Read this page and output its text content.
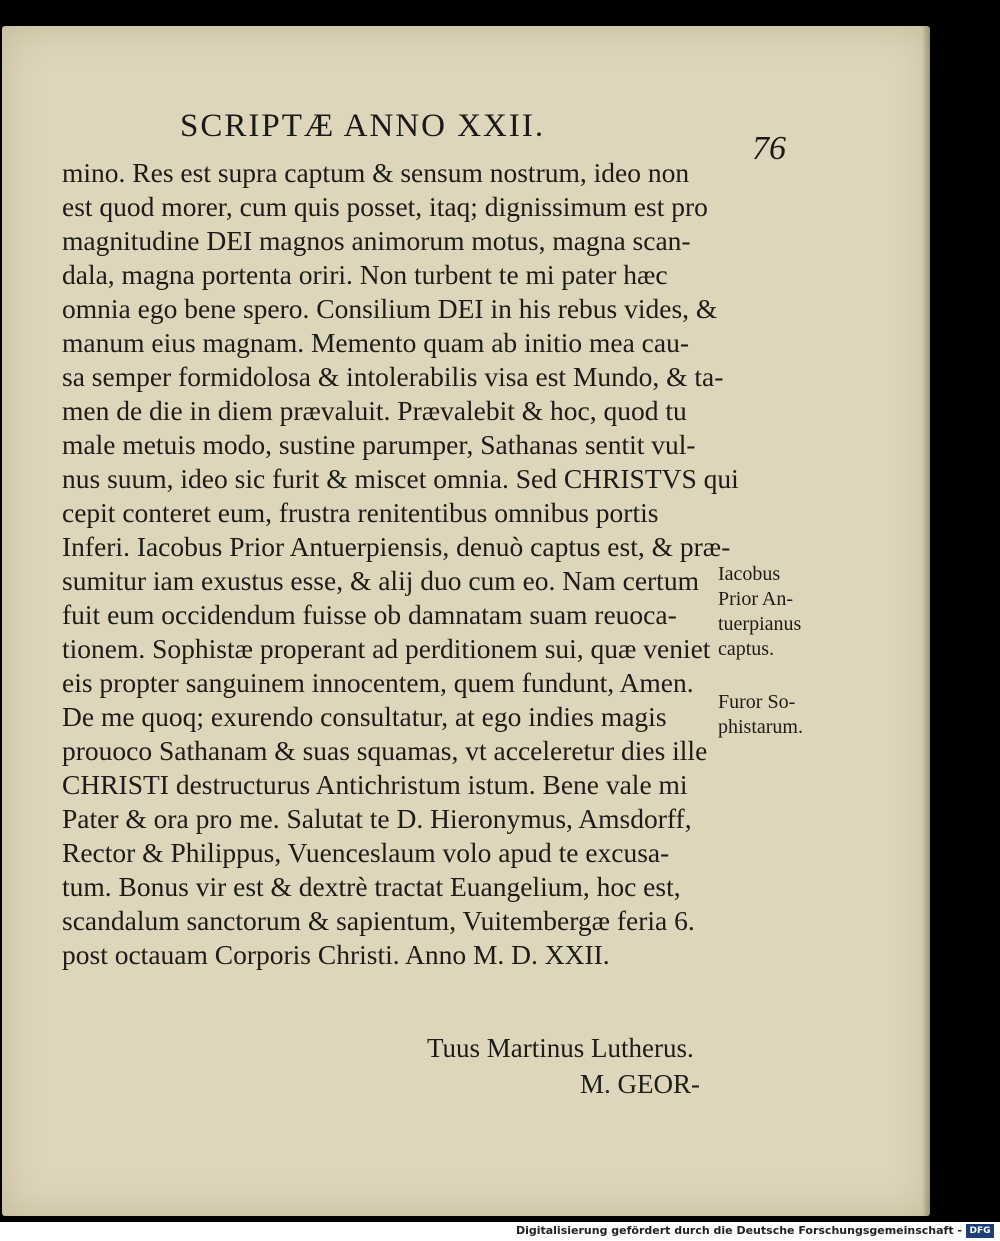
SCRIPTÆ ANNO XXII.
76
mino. Res est supra captum & sensum nostrum, ideo non
est quod morer, cum quis posset, itaq; dignissimum est pro
magnitudine DEI magnos animorum motus, magna scan-
dala, magna portenta oriri. Non turbent te mi pater hæc
omnia ego bene spero. Consilium DEI in his rebus vides, &
manum eius magnam. Memento quam ab initio mea cau-
sa semper formidolosa & intolerabilis visa est Mundo, & ta-
men de die in diem prævaluit. Prævalebit & hoc, quod tu
male metuis modo, sustine parumper, Sathanas sentit vul-
nus suum, ideo sic furit & miscet omnia. Sed CHRISTVS qui
cepit conteret eum, frustra renitentibus omnibus portis
Inferi. Iacobus Prior Antuerpiensis, denuò captus est, & præ-
sumitur iam exustus esse, & alij duo cum eo. Nam certum
fuit eum occidendum fuisse ob damnatam suam reuoca-
tionem. Sophistæ properant ad perditionem sui, quæ veniet
eis propter sanguinem innocentem, quem fundunt, Amen.
De me quoq; exurendo consultatur, at ego indies magis
prouoco Sathanam & suas squamas, vt acceleretur dies ille
CHRISTI destructurus Antichristum istum. Bene vale mi
Pater & ora pro me. Salutat te D. Hieronymus, Amsdorff,
Rector & Philippus, Vuenceslaum volo apud te excusa-
tum. Bonus vir est & dextrè tractat Euangelium, hoc est,
scandalum sanctorum & sapientum, Vuitembergæ feria 6.
post octauam Corporis Christi. Anno M. D. XXII.
Iacobus
Prior An-
tuerpianus
captus.
Furor So-
phistarum.
Tuus Martinus Lutherus.
M. GEOR-
Digitalisierung gefördert durch die Deutsche Forschungsgemeinschaft - DFG
